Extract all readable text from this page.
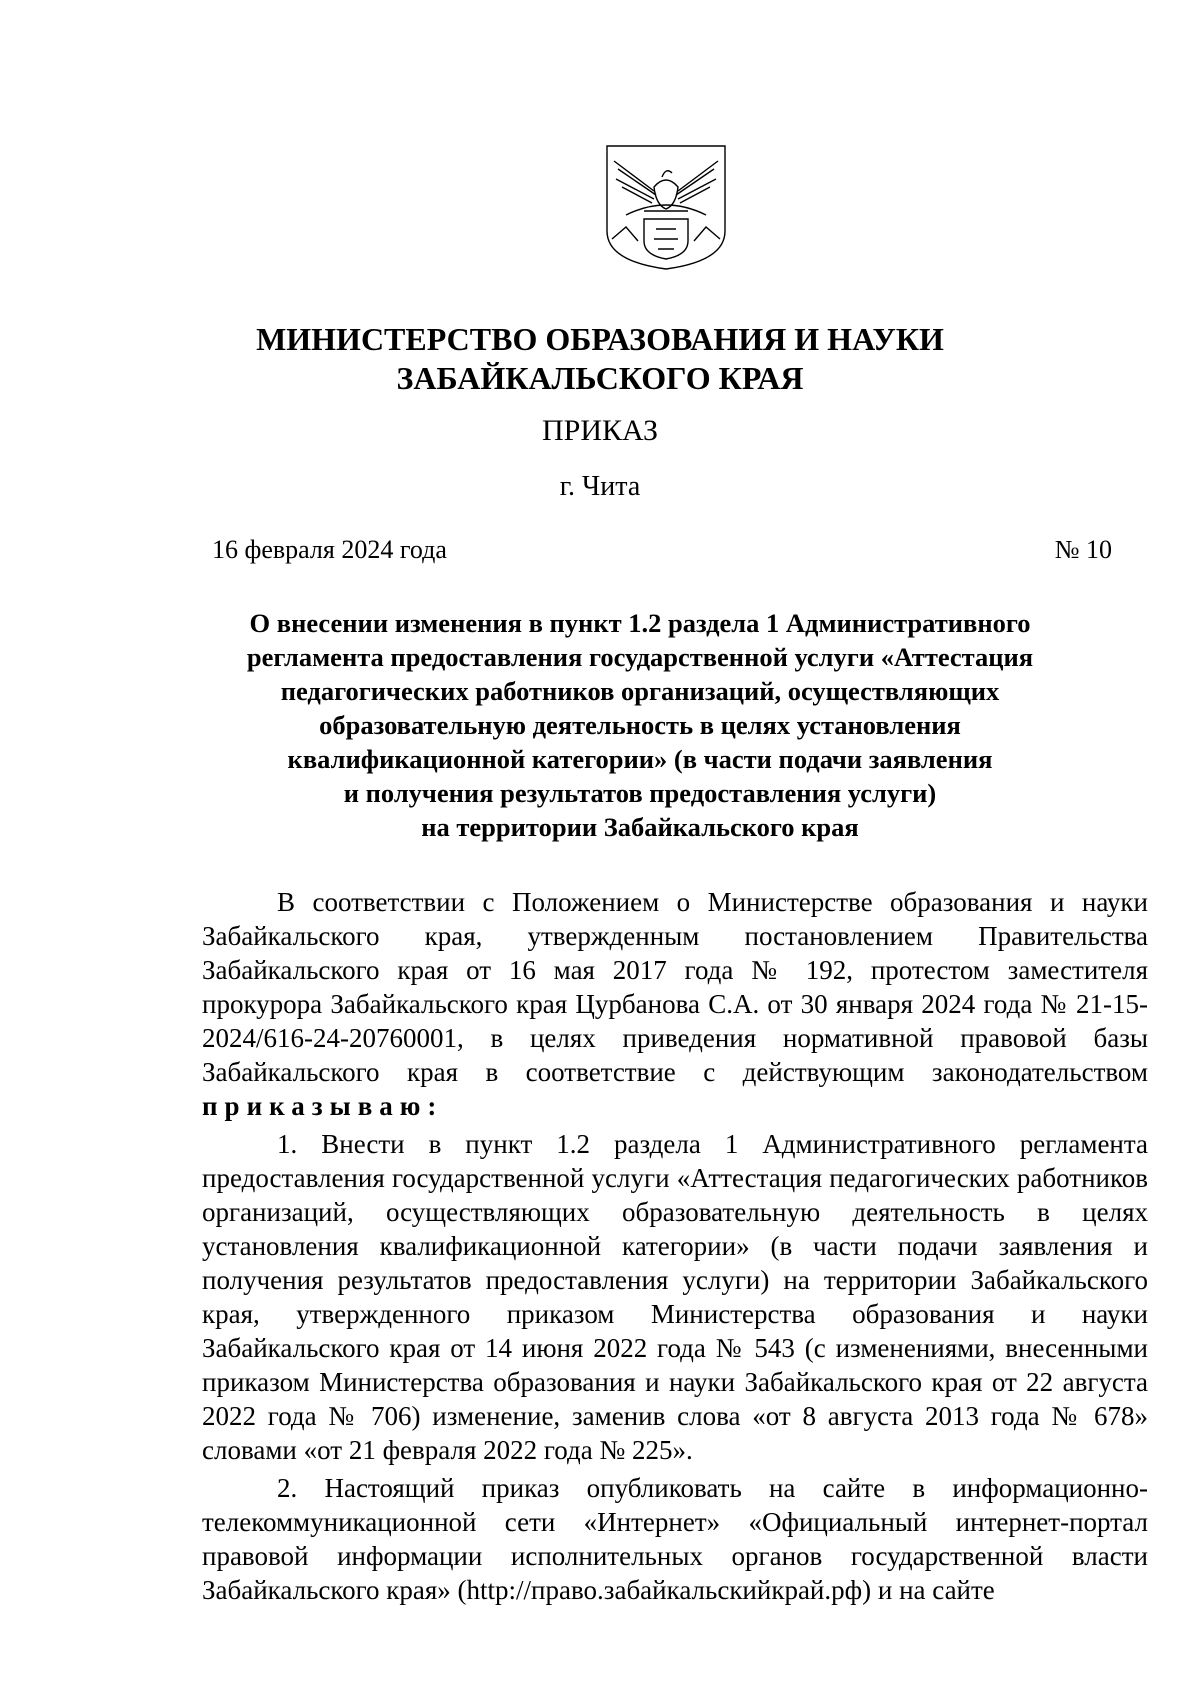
МИНИСТЕРСТВО ОБРАЗОВАНИЯ И НАУКИ
ЗАБАЙКАЛЬСКОГО КРАЯ
ПРИКАЗ
г. Чита
16 февраля 2024 года	№ 10
О внесении изменения в пункт 1.2 раздела 1 Административного
регламента предоставления государственной услуги «Аттестация
педагогических работников организаций, осуществляющих
образовательную деятельность в целях установления
квалификационной категории» (в части подачи заявления
и получения результатов предоставления услуги)
на территории Забайкальского края

В соответствии с Положением о Министерстве образования и науки Забайкальского края, утвержденным постановлением Правительства Забайкальского края от 16 мая 2017 года № 192, протестом заместителя прокурора Забайкальского края Цурбанова С.А. от 30 января 2024 года № 21-15-2024/616-24-20760001, в целях приведения нормативной правовой базы Забайкальского края в соответствие с действующим законодательством приказываю:

1. Внести в пункт 1.2 раздела 1 Административного регламента предоставления государственной услуги «Аттестация педагогических работников организаций, осуществляющих образовательную деятельность в целях установления квалификационной категории» (в части подачи заявления и получения результатов предоставления услуги) на территории Забайкальского края, утвержденного приказом Министерства образования и науки Забайкальского края от 14 июня 2022 года № 543 (с изменениями, внесенными приказом Министерства образования и науки Забайкальского края от 22 августа 2022 года № 706) изменение, заменив слова «от 8 августа 2013 года № 678» словами «от 21 февраля 2022 года № 225».

2. Настоящий приказ опубликовать на сайте в информационно-телекоммуникационной сети «Интернет» «Официальный интернет-портал правовой информации исполнительных органов государственной власти Забайкальского края» (http://право.забайкальскийкрай.рф) и на сайте
